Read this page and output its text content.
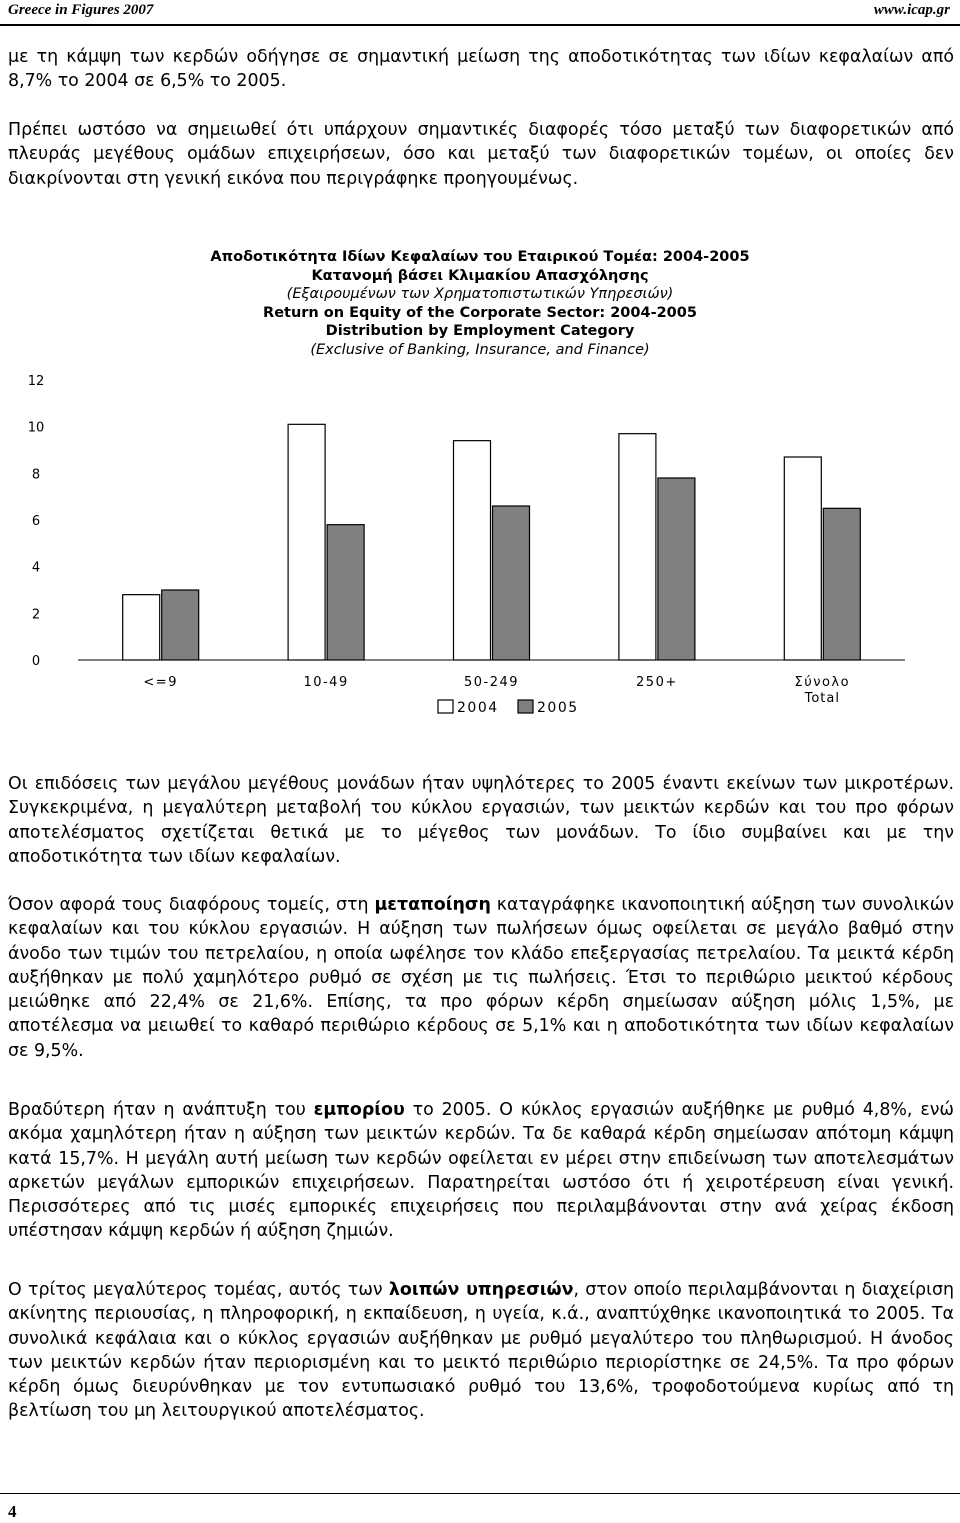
Greece in Figures 2007	www.icap.gr

με τη κάμψη των κερδών οδήγησε σε σημαντική μείωση της αποδοτικότητας των ιδίων κεφαλαίων από 8,7% το 2004 σε 6,5% το 2005.

Πρέπει ωστόσο να σημειωθεί ότι υπάρχουν σημαντικές διαφορές τόσο μεταξύ των διαφορετικών από πλευράς μεγέθους ομάδων επιχειρήσεων, όσο και μεταξύ των διαφορετικών τομέων, οι οποίες δεν διακρίνονται στη γενική εικόνα που περιγράφηκε προηγουμένως.

Αποδοτικότητα Ιδίων Κεφαλαίων του Εταιρικού Τομέα: 2004-2005
Κατανομή βάσει Κλιμακίου Απασχόλησης
(Εξαιρουμένων των Χρηματοπιστωτικών Υπηρεσιών)
Return on Equity of the Corporate Sector: 2004-2005
Distribution by Employment Category
(Exclusive of Banking, Insurance, and Finance)
0
2
4
6
8
10
12
<=9	10-49	50-249	250+	Σύνολο
Total
2004	2005

Οι επιδόσεις των μεγάλου μεγέθους μονάδων ήταν υψηλότερες το 2005 έναντι εκείνων των μικροτέρων. Συγκεκριμένα, η μεγαλύτερη μεταβολή του κύκλου εργασιών, των μεικτών κερδών και του προ φόρων αποτελέσματος σχετίζεται θετικά με το μέγεθος των μονάδων. Το ίδιο συμβαίνει και με την αποδοτικότητα των ιδίων κεφαλαίων.

Όσον αφορά τους διαφόρους τομείς, στη μεταποίηση καταγράφηκε ικανοποιητική αύξηση των συνολικών κεφαλαίων και του κύκλου εργασιών. Η αύξηση των πωλήσεων όμως οφείλεται σε μεγάλο βαθμό στην άνοδο των τιμών του πετρελαίου, η οποία ωφέλησε τον κλάδο επεξεργασίας πετρελαίου. Τα μεικτά κέρδη αυξήθηκαν με πολύ χαμηλότερο ρυθμό σε σχέση με τις πωλήσεις. Έτσι το περιθώριο μεικτού κέρδους μειώθηκε από 22,4% σε 21,6%. Επίσης, τα προ φόρων κέρδη σημείωσαν αύξηση μόλις 1,5%, με αποτέλεσμα να μειωθεί το καθαρό περιθώριο κέρδους σε 5,1% και η αποδοτικότητα των ιδίων κεφαλαίων σε 9,5%.

Βραδύτερη ήταν η ανάπτυξη του εμπορίου το 2005. Ο κύκλος εργασιών αυξήθηκε με ρυθμό 4,8%, ενώ ακόμα χαμηλότερη ήταν η αύξηση των μεικτών κερδών. Τα δε καθαρά κέρδη σημείωσαν απότομη κάμψη κατά 15,7%. Η μεγάλη αυτή μείωση των κερδών οφείλεται εν μέρει στην επιδείνωση των αποτελεσμάτων αρκετών μεγάλων εμπορικών επιχειρήσεων. Παρατηρείται ωστόσο ότι ή χειροτέρευση είναι γενική. Περισσότερες από τις μισές εμπορικές επιχειρήσεις που περιλαμβάνονται στην ανά χείρας έκδοση υπέστησαν κάμψη κερδών ή αύξηση ζημιών.

Ο τρίτος μεγαλύτερος τομέας, αυτός των λοιπών υπηρεσιών, στον οποίο περιλαμβάνονται η διαχείριση ακίνητης περιουσίας, η πληροφορική, η εκπαίδευση, η υγεία, κ.ά., αναπτύχθηκε ικανοποιητικά το 2005. Τα συνολικά κεφάλαια και ο κύκλος εργασιών αυξήθηκαν με ρυθμό μεγαλύτερο του πληθωρισμού. Η άνοδος των μεικτών κερδών ήταν περιορισμένη και το μεικτό περιθώριο περιορίστηκε σε 24,5%. Τα προ φόρων κέρδη όμως διευρύνθηκαν με τον εντυπωσιακό ρυθμό του 13,6%, τροφοδοτούμενα κυρίως από τη βελτίωση του μη λειτουργικού αποτελέσματος.

4
